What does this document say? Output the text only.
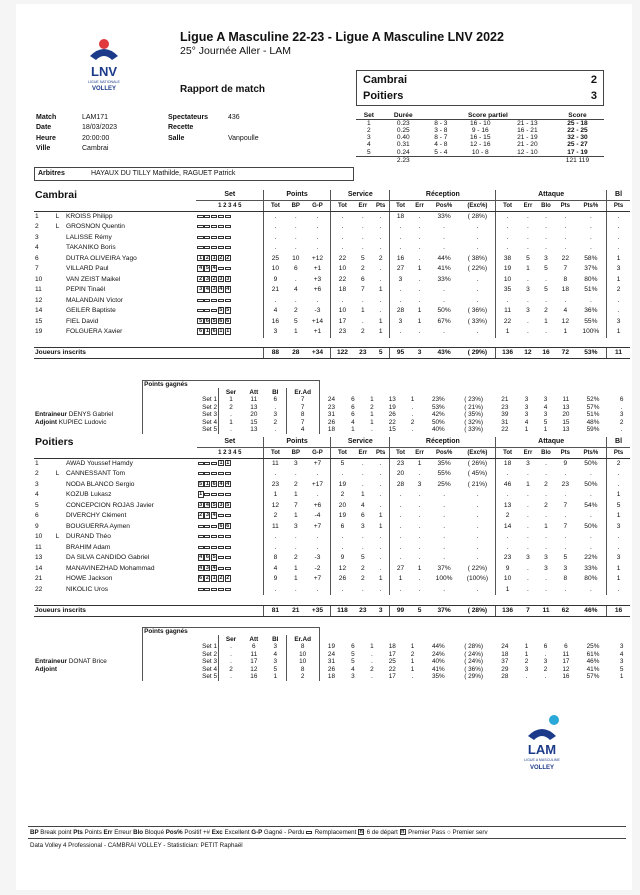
LNV
LIGUE NATIONALE
VOLLEY
Ligue A Masculine 22-23 - Ligue A Masculine LNV 2022
25° Journée Aller - LAM
Rapport de match
Cambrai	2
Poitiers	3
Match	LAM171	Spectateurs	436
Date	18/03/2023	Recette	
Heure	20:00:00	Salle	Vanpoulle
Ville	Cambrai		
Arbitres	HAYAUX DU TILLY Mathilde, RAGUET Patrick
Set	Durée	Score partiel			Score
1	0.23	8 - 3	16 - 10	21 - 13	25 - 18
2	0.25	3 - 8	9 - 16	16 - 21	22 - 25
3	0.40	8 - 7	16 - 15	21 - 19	32 - 30
4	0.31	4 - 8	12 - 16	21 - 20	25 - 27
5	0.24	5 - 4	10 - 8	12 - 10	17 - 19
	2.23				121 119
Cambrai			Set	Points			Service			Réception				Attaque					Bl
			1 2 3 4 5	Tot	BP	G-P	Tot	Err	Pts	Tot	Err	Pos%	(Exc%)	Tot	Err	Blo	Pts	Pts%	Pts
1	L	KROISS Philipp		.	.	.	.	.	.	18	.	33%	( 28%)	.	.	.	.	.	.
2	L	GROSNON Quentin		.	.	.	.	.	.	.	.	.	.	.	.	.	.	.	.
3		LALISSE Rémy		.	.	.	.	.	.	.	.	.	.	.	.	.	.	.	.
4		TAKANIKO Boris		.	.	.	.	.	.	.	.	.	.	.	.	.	.	.	.
6		DUTRA OLIVEIRA Yago	1 2 1 2 2	25	10	+12	22	5	2	16	.	44%	( 38%)	38	5	3	22	58%	1
7		VILLARD Paul	4 5 4	10	6	+1	10	2	.	27	1	41%	( 22%)	19	1	5	7	37%	3
10		VAN ZEIST Maikel	2 3 2 3 3	9	.	+3	22	6	.	3	.	33%	.	10	.	.	8	80%	1
11		PEPIN Tinaël	3 4 3 4 4	21	4	+6	18	7	1	.	.	.	.	35	3	5	18	51%	2
12		MALANDAIN Victor		.	.	.	.	.	.	.	.	.	.	.	.	.	.	.	.
14		GEILER Baptiste	5 5	4	2	-3	10	1	.	28	1	50%	( 36%)	11	3	2	4	36%	.
15		FIEL David	5 6 5 6 6	16	5	+14	17	.	1	3	1	67%	( 33%)	22	.	1	12	55%	3
19		FOLGUERA Xavier	6 1 6 1 1	3	1	+1	23	2	1	.	.	.	.	1	.	.	1	100%	1

Joueurs inscrits				88	28	+34	122	23	5	95	3	43%	( 29%)	136	12	16	72	53%	11
	Points gagnés																	
		Ser	Att	Bl	Er.Ad													
	Set 1	1	11	6	7	24	6	1	13	1	23%	( 23%)	21	3	3	11	52%	6
	Set 2	2	13	.	7	23	6	2	19	.	53%	( 21%)	23	3	4	13	57%	.
Entraineur DENYS Gabriel	Set 3	.	20	3	8	31	6	1	26	.	42%	( 35%)	39	3	3	20	51%	3
Adjoint KUPIEC Ludovic	Set 4	1	15	2	7	26	4	1	22	2	50%	( 32%)	31	4	5	15	48%	2
	Set 5	.	13	.	4	18	1	.	15	.	40%	( 33%)	22	1	1	13	59%	.
Poitiers			Set	Points			Service			Réception				Attaque					Bl
			1 2 3 4 5	Tot	BP	G-P	Tot	Err	Pts	Tot	Err	Pos%	(Exc%)	Tot	Err	Blo	Pts	Pts%	Pts
1		AWAD Youssef Hamdy	1 1	11	3	+7	5	.	.	23	1	35%	( 26%)	18	3	.	9	50%	2
2	L	CANNESSANT Tom		.	.	.	.	.	.	20	.	55%	( 45%)	.	.	.	.	.	.
3		NODA BLANCO Sergio	5 1 6 4 4	23	2	+17	19	.	.	28	3	25%	( 21%)	46	1	2	23	50%	.
4		KOZUB Lukasz	1	1	1	.	2	1	.	.	.	.	.	.	.	.	.	.	1
5		CONCEPCION ROJAS Javier	3 4 5 3 5	12	7	+6	20	4	.	.	.	.	.	13	.	2	7	54%	5
6		DIVERCHY Clément	2 3 4	2	1	-4	19	6	1	.	.	.	.	2	.	.	.	.	1
9		BOUGUERRA Aymen	6 6	11	3	+7	6	3	1	.	.	.	.	14	.	1	7	50%	3
10	L	DURAND Théo		.	.	.	.	.	.	.	.	.	.	.	.	.	.	.	.
11		BRAHIM Adam		.	.	.	.	.	.	.	.	.	.	.	.	.	.	.	.
13		DA SILVA CANDIDO Gabriel	4 6 5	8	2	-3	9	5	.	.	.	.	.	23	3	3	5	22%	3
14		MANAVINEZHAD Mohammad	4 3 4	4	1	-2	12	2	.	27	1	37%	( 22%)	9	.	3	3	33%	1
21		HOWE Jackson	6 2 1 2 2	9	1	+7	26	2	1	1	.	100%	(100%)	10	.	.	8	80%	1
22		NIKOLIC Uros		.	.	.	.	.	.	.	.	.	.	1	.	.	.	.	.

Joueurs inscrits				81	21	+35	118	23	3	99	5	37%	( 28%)	136	7	11	62	46%	16
	Points gagnés																	
		Ser	Att	Bl	Er.Ad													
	Set 1	.	6	3	8	19	6	1	18	1	44%	( 28%)	24	1	6	6	25%	3
	Set 2	.	11	4	10	24	5	.	17	2	24%	( 24%)	18	1	.	11	61%	4
Entraineur DONAT Brice	Set 3	.	17	3	10	31	5	.	25	1	40%	( 24%)	37	2	3	17	46%	3
Adjoint	Set 4	2	12	5	8	26	4	2	22	1	41%	( 36%)	29	3	2	12	41%	5
	Set 5	.	16	1	2	18	3	.	17	.	35%	( 29%)	28	.	.	16	57%	1
LAM
LIGUE A MASCULINE
VOLLEY
BP Break point Pts Points Err Erreur Blo Bloqué Pos% Positif +# Exc Excellent G-P Gagné - Perdu  Remplacement n 6 de départ n Premier Pass ○ Premier serv
Data Volley 4 Professional - CAMBRAI VOLLEY - Statistician: PETIT Raphaël
